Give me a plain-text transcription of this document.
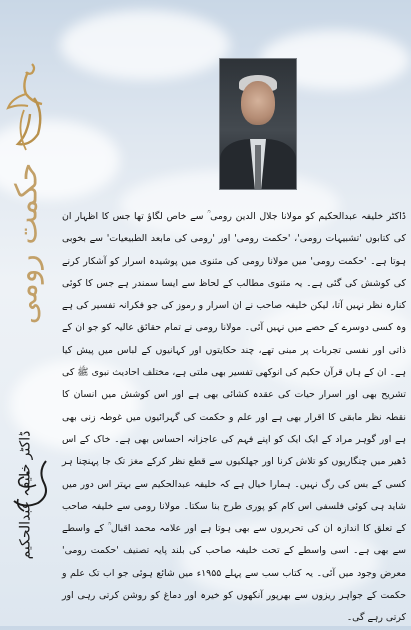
حکمت رومی
ڈاکٹر خلیفہ عبدالحکیم

ڈاکٹر خلیفہ عبدالحکیم کو مولانا جلال الدین رومی ؒ سے خاص لگاؤ تھا جس کا اظہار ان کی کتابوں 'تشبیہات رومی'، 'حکمت رومی' اور 'رومی کی مابعد الطبیعیات' سے بخوبی ہوتا ہے۔ 'حکمت رومی' میں مولانا رومی کی مثنوی میں پوشیدہ اسرار کو آشکار کرنے کی کوشش کی گئی ہے۔ یہ مثنوی مطالب کے لحاظ سے ایسا سمندر ہے جس کا کوئی کنارہ نظر نہیں آتا، لیکن خلیفہ صاحب نے ان اسرار و رموز کی جو فکرانہ تفسیر کی ہے وہ کسی دوسرے کے حصے میں نہیں آئی۔ مولانا رومی نے تمام حقائق عالیہ کو جو ان کے ذاتی اور نفسی تجربات پر مبنی تھے، چند حکایتوں اور کہانیوں کے لباس میں پیش کیا ہے۔ ان کے ہاں قرآن حکیم کی انوکھی تفسیر بھی ملتی ہے، مختلف احادیث نبوی ﷺ کی تشریح بھی اور اسرار حیات کی عقدہ کشائی بھی ہے اور اس کوشش میں انسان کا نقطہ نظر مابقی کا اقرار بھی ہے اور علم و حکمت کی گہرائیوں میں غوطہ زنی بھی ہے اور گوہر مراد کے ایک ایک کو اپنے فہم کی عاجزانہ احساس بھی ہے۔ خاک کے اس ڈھیر میں چنگاریوں کو تلاش کرنا اور جھلکیوں سے قطع نظر کرکے مغز تک جا پہنچنا ہر کسی کے بس کی رگ نہیں۔ ہمارا خیال ہے کہ خلیفہ عبدالحکیم سے بہتر اس دور میں شاید ہی کوئی فلسفی اس کام کو پوری طرح بنا سکتا۔ مولانا رومی سے خلیفہ صاحب کے تعلق کا اندازہ ان کی تحریروں سے بھی ہوتا ہے اور علامہ محمد اقبال ؒ کے واسطے سے بھی ہے۔ اسی واسطے کے تحت خلیفہ صاحب کی بلند پایہ تصنیف 'حکمت رومی' معرض وجود میں آئی۔ یہ کتاب سب سے پہلے ۱۹۵۵ء میں شائع ہوئی جو اب تک علم و حکمت کے جواہر ریزوں سے بھرپور آنکھوں کو خیرہ اور دماغ کو روشن کرتی رہی اور کرتی رہے گی۔
